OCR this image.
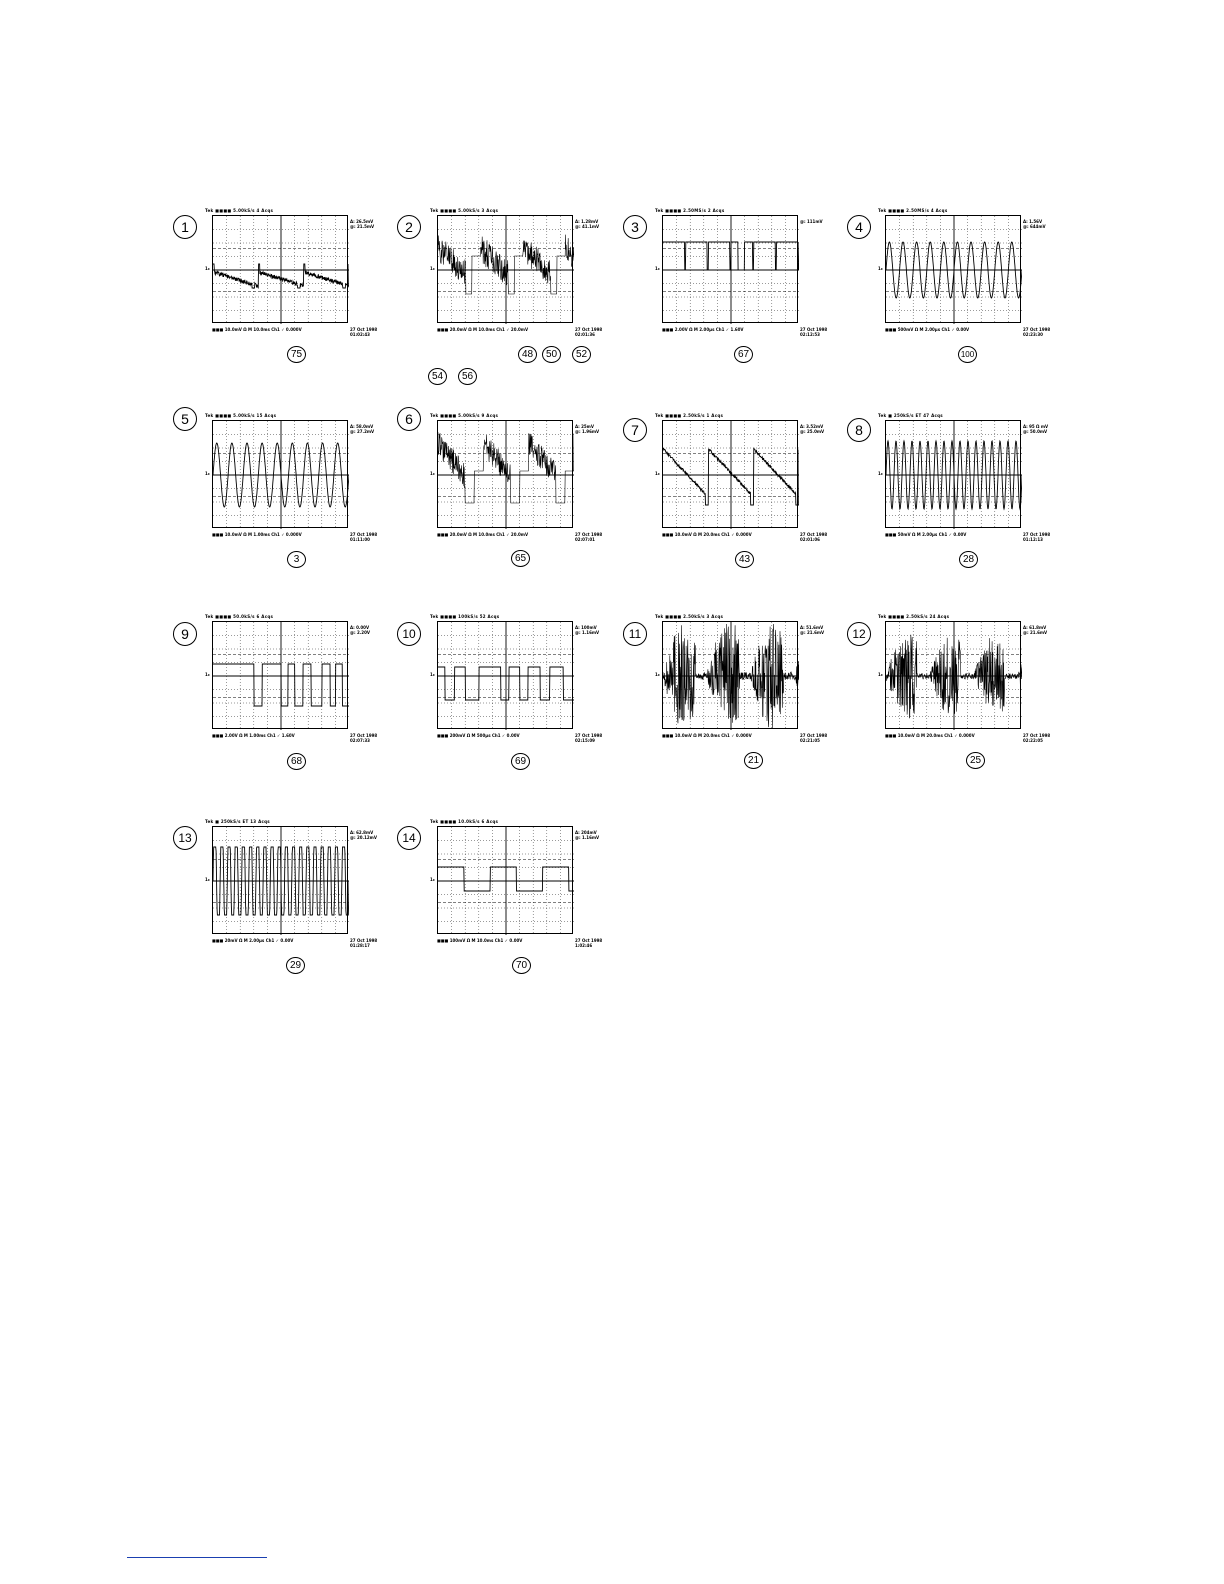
1
Tek ■■■■ 5.00kS/s 4 Acqs
1▸
Δ: 26.5mV
@: 21.5mV
27 Oct 1998
01:02:43
■■■ 10.0mV Ω M 10.0ms Ch1 ✓ 0.000V
75
2
Tek ■■■■ 5.00kS/s 3 Acqs
1▸
Δ: 1.28mV
@: 41.1mV
27 Oct 1998
02:01:36
■■■ 20.0mV Ω M 10.0ms Ch1 ✓ 20.0mV
48	50	52
54	56
3
Tek ■■■■ 2.50MS/s 2 Acqs
1▸
@: 111mV
27 Oct 1998
02:12:53
■■■ 2.00V Ω M 2.00µs Ch1 ✓ 1.60V
67
4
Tek ■■■■ 2.50MS/s 4 Acqs
1▸
Δ: 1.56V
@: 644mV
27 Oct 1998
02:23:30
■■■ 500mV Ω M 2.00µs Ch1 ✓ 0.00V
100
5	Tek ■■■■ 5.00kS/s 15 Acqs
1▸
Δ: 58.0mV
@: 27.2mV
27 Oct 1998
01:11:00
■■■ 10.0mV Ω M 1.00ms Ch1 ✓ 0.000V
3
6	Tek ■■■■ 5.00kS/s 9 Acqs
1▸
Δ: 25mV
@: 1.96mV
27 Oct 1998
02:07:01
■■■ 20.0mV Ω M 10.0ms Ch1 ✓ 20.0mV
65
7
Tek ■■■■ 2.50kS/s 1 Acqs
1▸
Δ: 3.52mV
@: 25.0mV
27 Oct 1998
02:01:06
■■■ 10.0mV Ω M 20.0ms Ch1 ✓ 0.000V
43
8
Tek ■ 250kS/s ET 47 Acqs
1▸
Δ: 95 Ω mV
@: 50.0mV
27 Oct 1998
01:12:13
■■■ 50mV Ω M 2.00µs Ch1 ✓ 0.00V
28
9
Tek ■■■■ 50.0kS/s 6 Acqs
1▸
Δ: 0.00V
@: 2.20V
27 Oct 1998
02:07:33
■■■ 2.00V Ω M 1.00ms Ch1 ✓ 1.60V
68
10
Tek ■■■■ 100kS/s 52 Acqs
1▸
Δ: 100mV
@: 1.16mV
27 Oct 1998
02:15:09
■■■ 200mV Ω M 500µs Ch1 ✓ 0.00V
69
11
Tek ■■■■ 2.50kS/s 3 Acqs
1▸
Δ: 51.6mV
@: 21.6mV
27 Oct 1998
02:21:05
■■■ 10.0mV Ω M 20.0ms Ch1 ✓ 0.000V
21
12
Tek ■■■■ 2.50kS/s 24 Acqs
1▸
Δ: 61.8mV
@: 21.6mV
27 Oct 1998
02:22:05
■■■ 10.0mV Ω M 20.0ms Ch1 ✓ 0.000V
25
13
Tek ■ 250kS/s ET 13 Acqs
1▸
Δ: 62.8mV
@: 20.12mV
27 Oct 1998
01:28:17
■■■ 20mV Ω M 2.00µs Ch1 ✓ 0.00V
29
14
Tek ■■■■ 10.0kS/s 6 Acqs
1▸
Δ: 204mV
@: 1.16mV
27 Oct 1998
1:02:46
■■■ 100mV Ω M 10.0ms Ch1 ✓ 0.00V
70
